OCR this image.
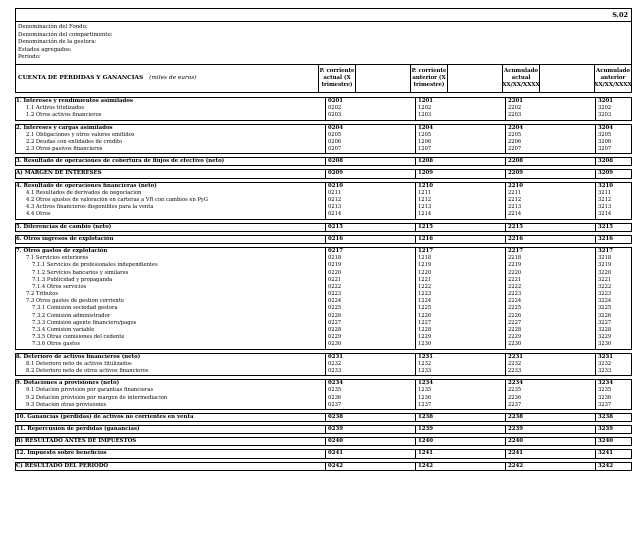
S.02
Denominación del Fondo:
Denominación del compartimento:
Denominación de la gestora:
Estados agregados:
Periodo:
CUENTA DE PÉRDIDAS Y GANANCIAS (miles de euros)
P. corriente actual (X trimestre)
P. corriente anterior (X trimestre)
Acumulado actual XX/XX/XXXX
Acumulado anterior XX/XX/XXXX
1. Intereses y rendimientos asimilados	0201	1201	2201	3201
1.1 Activos titulizados	0202	1202	2202	3202
1.2 Otros activos financieros	0203	1203	2203	3203
2. Intereses y cargas asimilados	0204	1204	2204	3204
2.1 Obligaciones y otros valores emitidos	0205	1205	2205	3205
2.2 Deudas con entidades de crédito	0206	1206	2206	3206
2.3 Otros pasivos financieros	0207	1207	2207	3207
3. Resultado de operaciones de cobertura de flujos de efectivo (neto)	0208	1208	2208	3208
A) MARGEN DE INTERESES	0209	1209	2209	3209
4. Resultado de operaciones financieras (neto)	0210	1210	2210	3210
4.1 Resultados de derivados de negociación	0211	1211	2211	3211
4.2 Otros ajustes de valoración en carteras a VR con cambios en PyG	0212	1212	2212	3212
4.3 Activos financieros disponibles para la venta	0213	1213	2213	3213
4.4 Otros	0214	1214	2214	3214
5. Diferencias de cambio (neto)	0215	1215	2215	3215
6. Otros ingresos de explotación	0216	1216	2216	3216
7. Otros gastos de explotación	0217	1217	2217	3217
7.1 Servicios exteriores	0218	1218	2218	3218
7.1.1 Servicios de profesionales independientes	0219	1219	2219	3219
7.1.2 Servicios bancarios y similares	0220	1220	2220	3220
7.1.3 Publicidad y propaganda	0221	1221	2221	3221
7.1.4 Otros servicios	0222	1222	2222	3222
7.2 Tributos	0223	1223	2223	3223
7.3 Otros gastos de gestión corriente	0224	1224	2224	3224
7.3.1 Comisión sociedad gestora	0225	1225	2225	3225
7.3.2 Comisión administrador	0226	1226	2226	3226
7.3.3 Comisión agente financiero/pagos	0227	1227	2227	3227
7.3.4 Comisión variable	0228	1228	2228	3228
7.3.5 Otras comisiones del cedente	0229	1229	2229	3229
7.3.6 Otros gastos	0230	1230	2230	3230
8. Deterioro de activos financieros (neto)	0231	1231	2231	3231
8.1 Deterioro neto de activos titulizados	0232	1232	2232	3232
8.2 Deterioro neto de otros activos financieros	0233	1233	2233	3233
9. Dotaciones a provisiones (neto)	0234	1234	2234	3234
9.1 Dotación provisión por garantías financieras	0235	1235	2235	3235
9.2 Dotación provisión por margen de intermediación	0236	1236	2236	3236
9.3 Dotación otras provisiones	0237	1237	2237	3237
10. Ganancias (pérdidas) de activos no corrientes en venta	0238	1238	2238	3238
11. Repercusión de pérdidas (ganancias)	0239	1239	2239	3239
B) RESULTADO ANTES DE IMPUESTOS	0240	1240	2240	3240
12. Impuesto sobre beneficios	0241	1241	2241	3241
C) RESULTADO DEL PERIODO	0242	1242	2242	3242
